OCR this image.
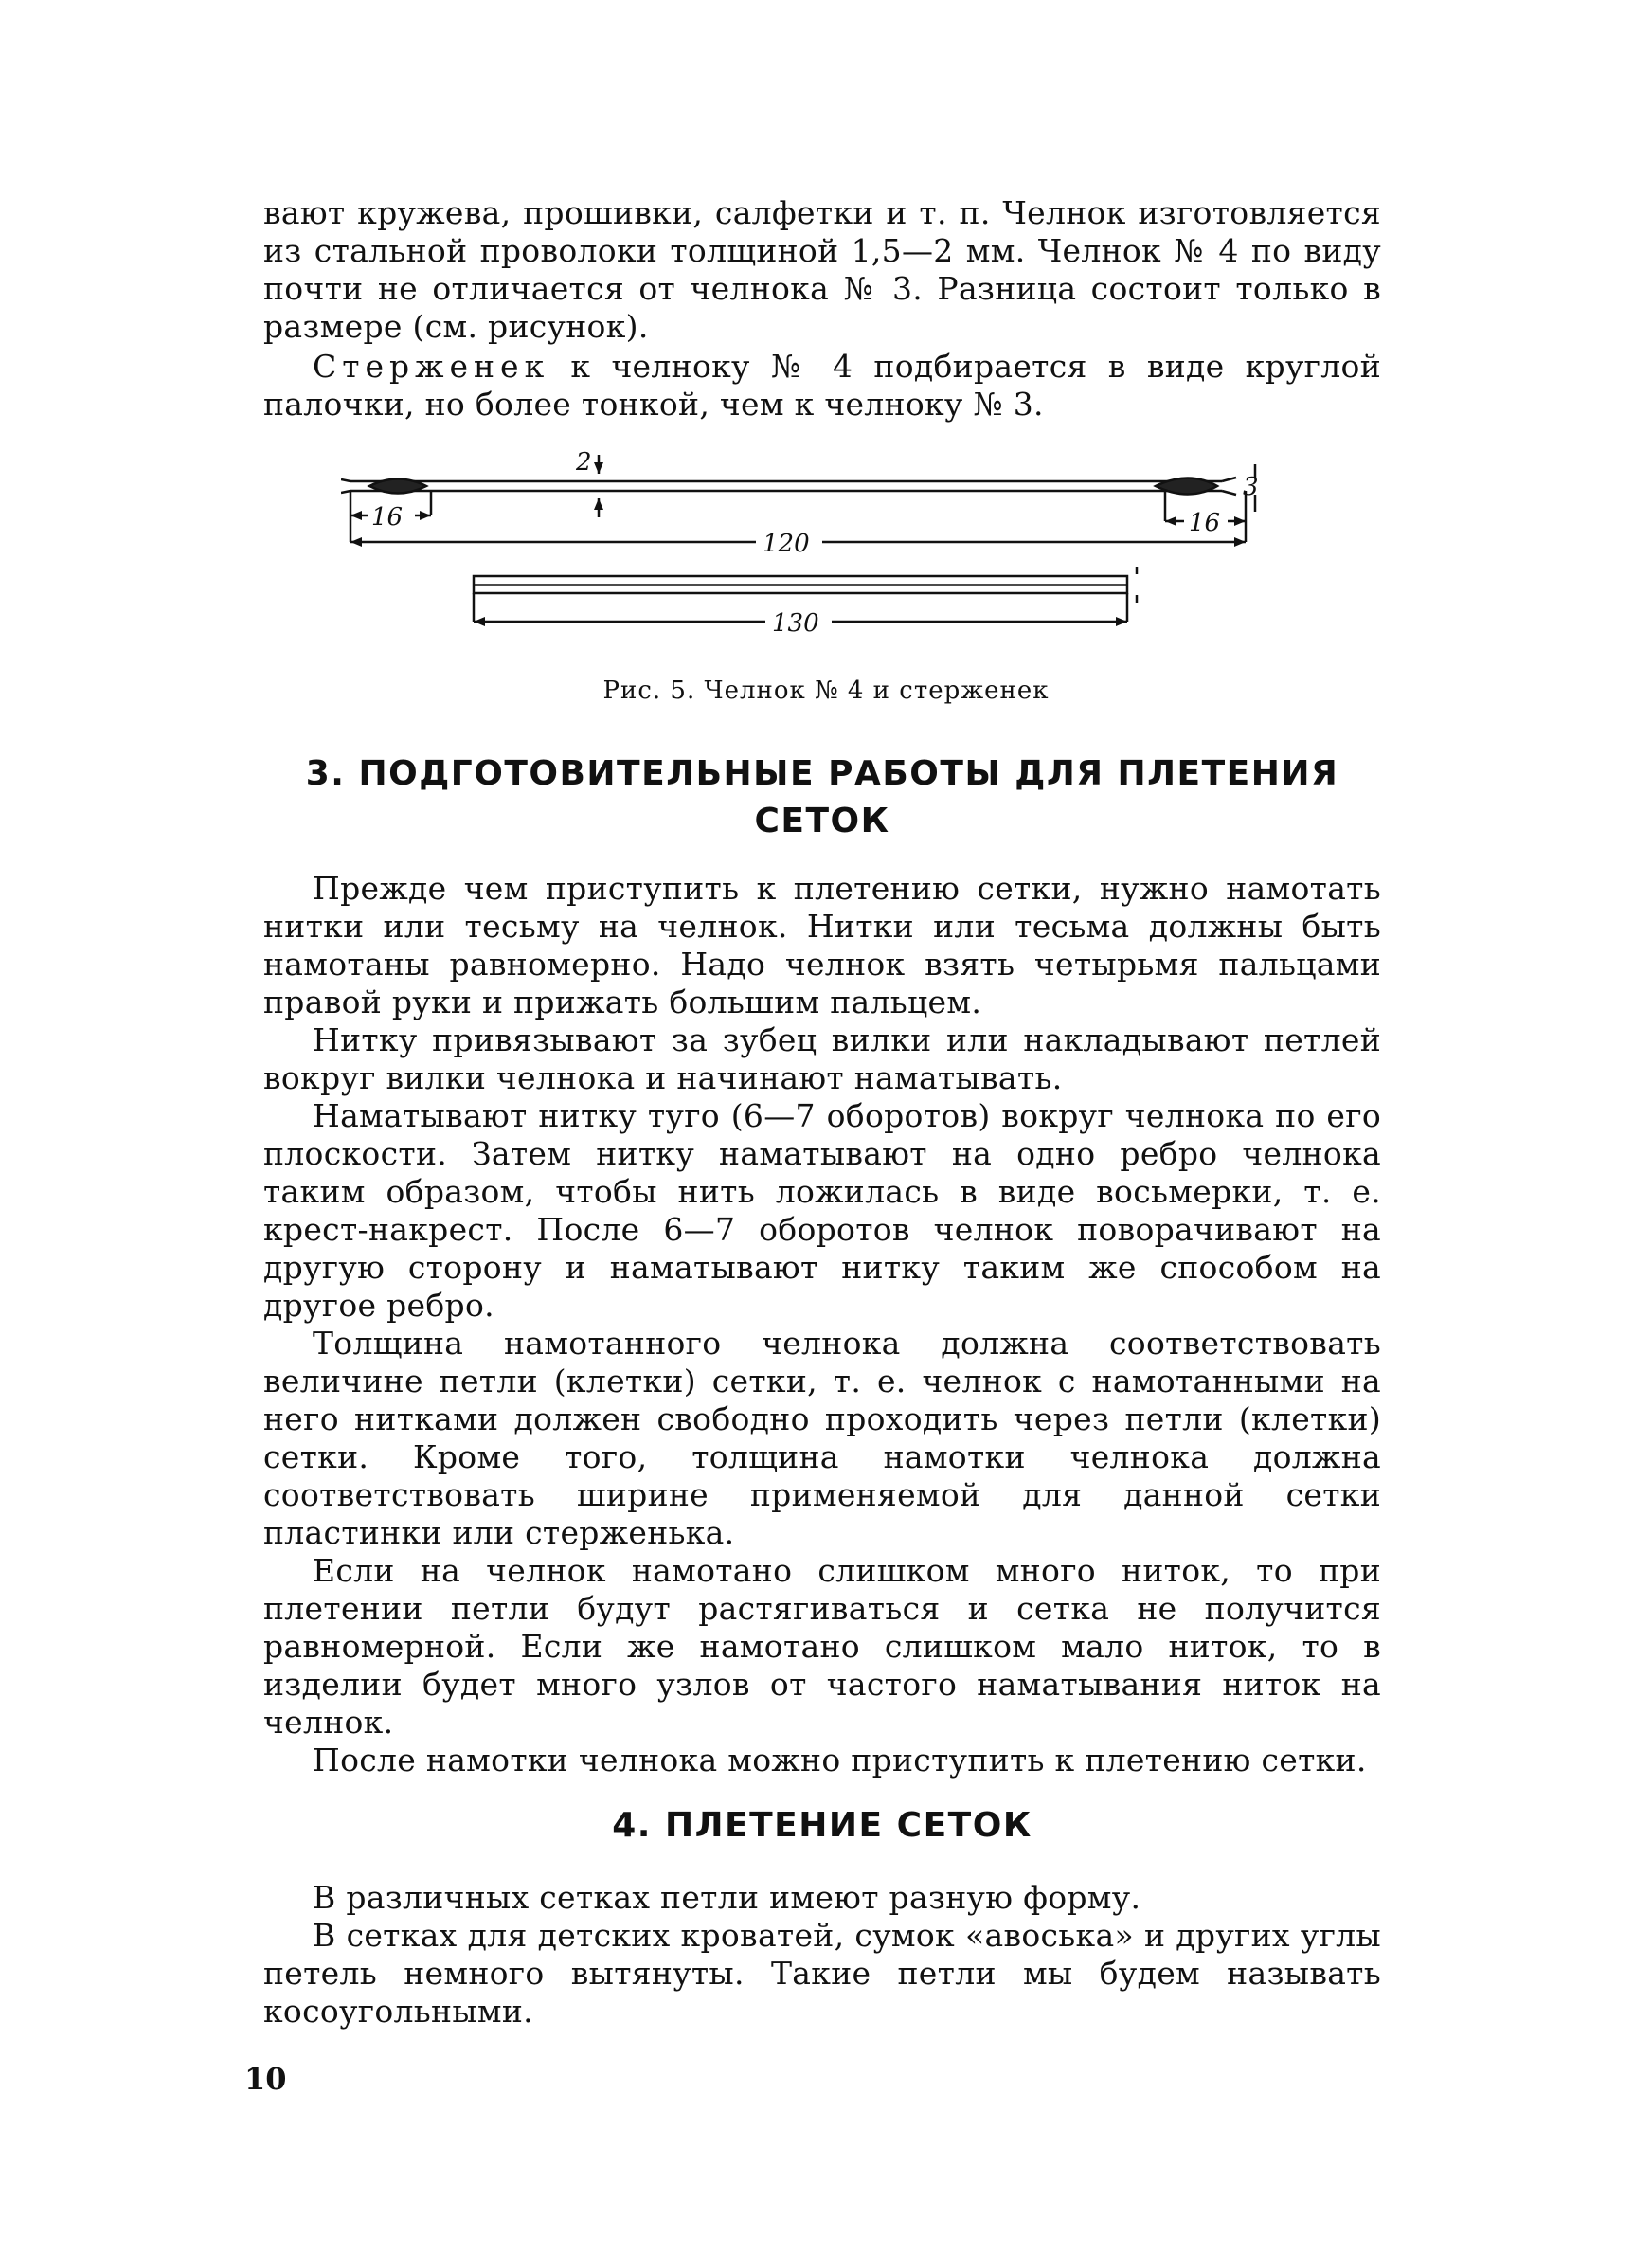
вают кружева, прошивки, салфетки и т. п. Челнок изготовляется из стальной проволоки толщиной 1,5—2 мм. Челнок № 4 по виду почти не отличается от челнока № 3. Разница состоит только в размере (см. рисунок).

Стерженек к челноку № 4 подбирается в виде круглой палочки, но более тонкой, чем к челноку № 3.

16	16
120
130
2
3
Рис. 5. Челнок № 4 и стерженек
3. ПОДГОТОВИТЕЛЬНЫЕ РАБОТЫ ДЛЯ ПЛЕТЕНИЯ
СЕТОК

Прежде чем приступить к плетению сетки, нужно намотать нитки или тесьму на челнок. Нитки или тесьма должны быть намотаны равномерно. Надо челнок взять четырьмя пальцами правой руки и прижать большим пальцем.

Нитку привязывают за зубец вилки или накладывают петлей вокруг вилки челнока и начинают наматывать.

Наматывают нитку туго (6—7 оборотов) вокруг челнока по его плоскости. Затем нитку наматывают на одно ребро челнока таким образом, чтобы нить ложилась в виде восьмерки, т. е. крест-накрест. После 6—7 оборотов челнок поворачивают на другую сторону и наматывают нитку таким же способом на другое ребро.

Толщина намотанного челнока должна соответствовать величине петли (клетки) сетки, т. е. челнок с намотанными на него нитками должен свободно проходить через петли (клетки) сетки. Кроме того, толщина намотки челнока должна соответствовать ширине применяемой для данной сетки пластинки или стерженька.

Если на челнок намотано слишком много ниток, то при плетении петли будут растягиваться и сетка не получится равномерной. Если же намотано слишком мало ниток, то в изделии будет много узлов от частого наматывания ниток на челнок.

После намотки челнока можно приступить к плетению сетки.

4. ПЛЕТЕНИЕ СЕТОК

В различных сетках петли имеют разную форму.

В сетках для детских кроватей, сумок «авоська» и других углы петель немного вытянуты. Такие петли мы будем называть косоугольными.

10
